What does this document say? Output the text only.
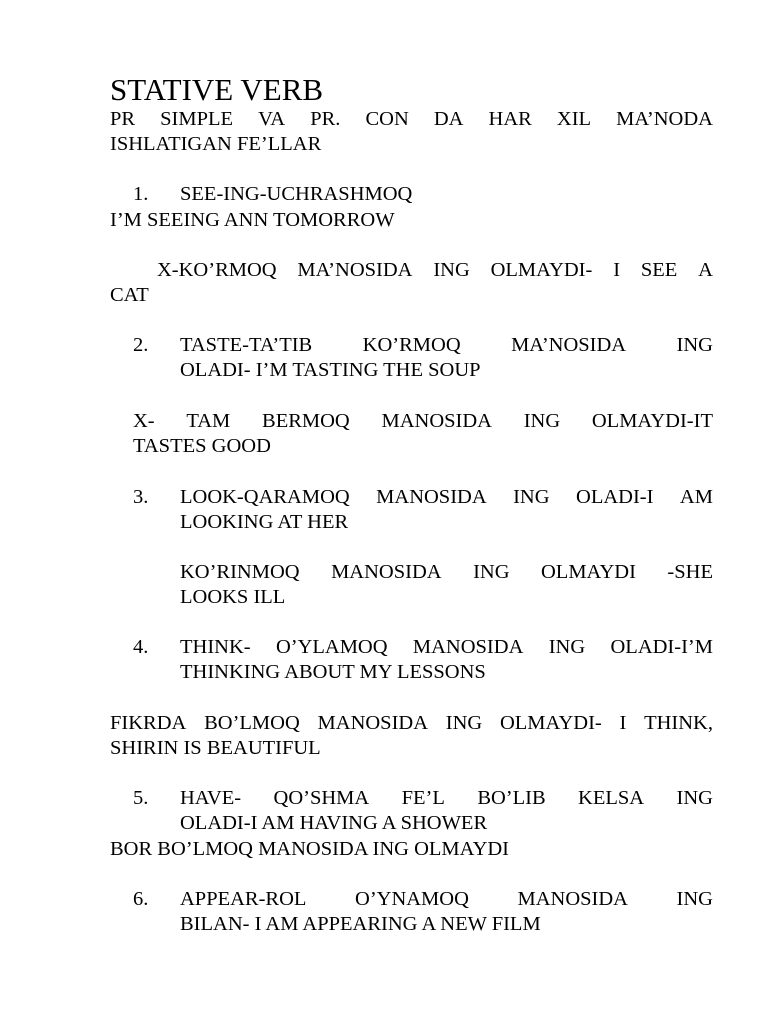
STATIVE VERB
PR SIMPLE VA PR. CON DA HAR XIL MA’NODA
ISHLATIGAN FE’LLAR
1. SEE-ING-UCHRASHMOQ
I’M SEEING ANN TOMORROW
X-KO’RMOQ MA’NOSIDA ING OLMAYDI- I SEE A
CAT
2. TASTE-TA’TIB KO’RMOQ MA’NOSIDA ING
OLADI- I’M TASTING THE SOUP
X- TAM BERMOQ MANOSIDA ING OLMAYDI-IT
TASTES GOOD
3. LOOK-QARAMOQ MANOSIDA ING OLADI-I AM
LOOKING AT HER
KO’RINMOQ MANOSIDA ING OLMAYDI -SHE
LOOKS ILL
4. THINK- O’YLAMOQ MANOSIDA ING OLADI-I’M
THINKING ABOUT MY LESSONS
FIKRDA BO’LMOQ MANOSIDA ING OLMAYDI- I THINK,
SHIRIN IS BEAUTIFUL
5. HAVE- QO’SHMA FE’L BO’LIB KELSA ING
OLADI-I AM HAVING A SHOWER
BOR BO’LMOQ MANOSIDA ING OLMAYDI
6. APPEAR-ROL O’YNAMOQ MANOSIDA ING
BILAN- I AM APPEARING A NEW FILM
